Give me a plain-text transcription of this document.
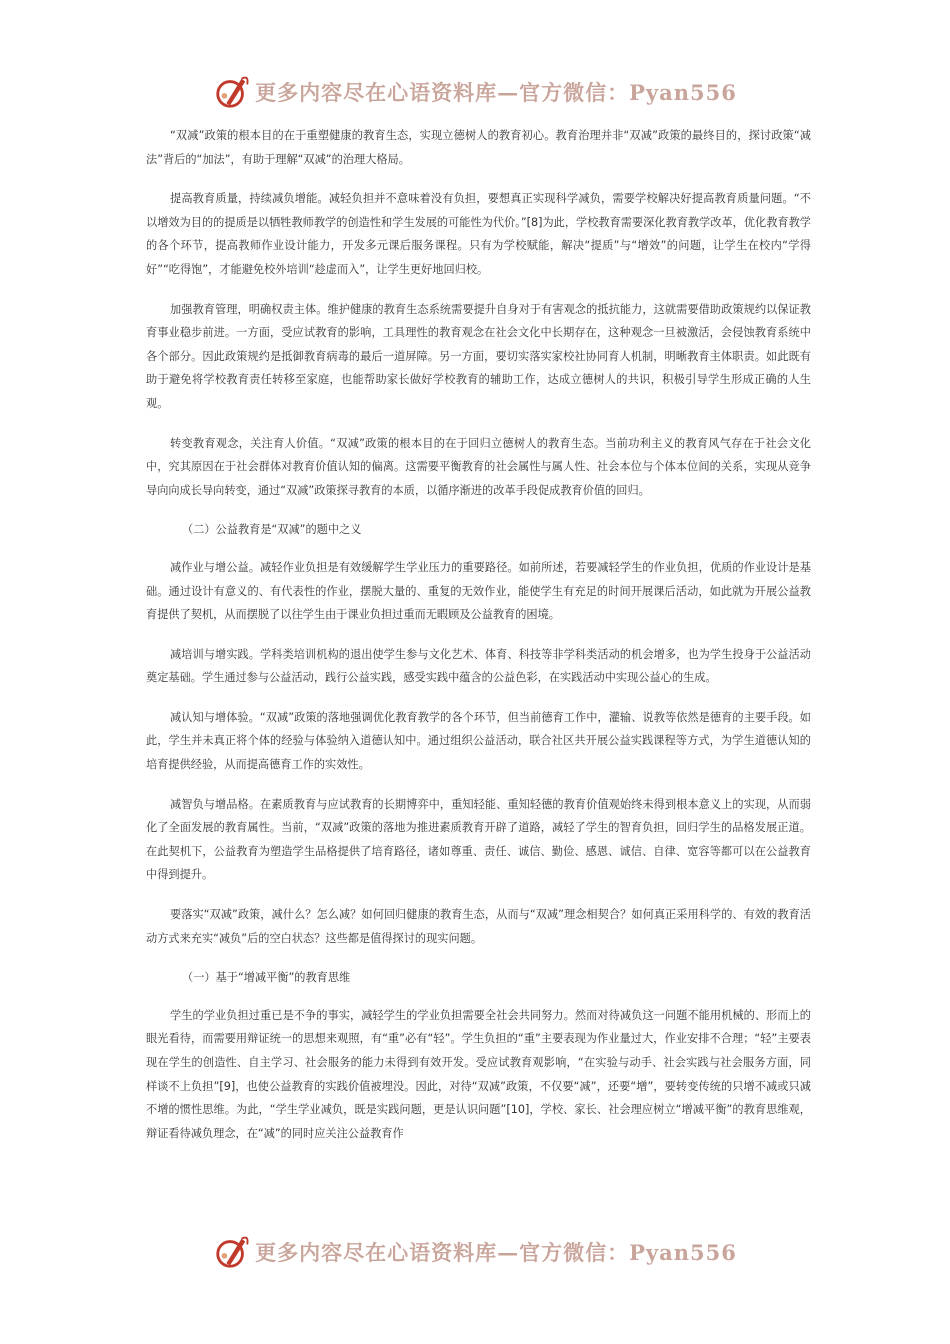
更多内容尽在心语资料库—官方微信：Pyan556

“双减”政策的根本目的在于重塑健康的教育生态，实现立德树人的教育初心。教育治理并非“双减”政策的最终目的，探讨政策“减法”背后的“加法”，有助于理解“双减”的治理大格局。

提高教育质量，持续减负增能。减轻负担并不意味着没有负担，要想真正实现科学减负，需要学校解决好提高教育质量问题。“不以增效为目的的提质是以牺牲教师教学的创造性和学生发展的可能性为代价。”[8]为此，学校教育需要深化教育教学改革，优化教育教学的各个环节，提高教师作业设计能力，开发多元课后服务课程。只有为学校赋能，解决“提质”与“增效”的问题，让学生在校内“学得好”“吃得饱”，才能避免校外培训“趁虚而入”，让学生更好地回归校。

加强教育管理，明确权责主体。维护健康的教育生态系统需要提升自身对于有害观念的抵抗能力，这就需要借助政策规约以保证教育事业稳步前进。一方面，受应试教育的影响，工具理性的教育观念在社会文化中长期存在，这种观念一旦被激活，会侵蚀教育系统中各个部分。因此政策规约是抵御教育病毒的最后一道屏障。另一方面，要切实落实家校社协同育人机制，明晰教育主体职责。如此既有助于避免将学校教育责任转移至家庭，也能帮助家长做好学校教育的辅助工作，达成立德树人的共识，积极引导学生形成正确的人生观。

转变教育观念，关注育人价值。“双减”政策的根本目的在于回归立德树人的教育生态。当前功利主义的教育风气存在于社会文化中，究其原因在于社会群体对教育价值认知的偏离。这需要平衡教育的社会属性与属人性、社会本位与个体本位间的关系，实现从竞争导向向成长导向转变，通过“双减”政策探寻教育的本质，以循序渐进的改革手段促成教育价值的回归。

（二）公益教育是“双减”的题中之义

减作业与增公益。减轻作业负担是有效缓解学生学业压力的重要路径。如前所述，若要减轻学生的作业负担，优质的作业设计是基础。通过设计有意义的、有代表性的作业，摆脱大量的、重复的无效作业，能使学生有充足的时间开展课后活动，如此就为开展公益教育提供了契机，从而摆脱了以往学生由于课业负担过重而无暇顾及公益教育的困境。

减培训与增实践。学科类培训机构的退出使学生参与文化艺术、体育、科技等非学科类活动的机会增多，也为学生投身于公益活动奠定基础。学生通过参与公益活动，践行公益实践，感受实践中蕴含的公益色彩，在实践活动中实现公益心的生成。

减认知与增体验。“双减”政策的落地强调优化教育教学的各个环节，但当前德育工作中，灌输、说教等依然是德育的主要手段。如此，学生并未真正将个体的经验与体验纳入道德认知中。通过组织公益活动，联合社区共开展公益实践课程等方式，为学生道德认知的培育提供经验，从而提高德育工作的实效性。

减智负与增品格。在素质教育与应试教育的长期博弈中，重知轻能、重知轻德的教育价值观始终未得到根本意义上的实现，从而弱化了全面发展的教育属性。当前，“双减”政策的落地为推进素质教育开辟了道路，减轻了学生的智育负担，回归学生的品格发展正道。在此契机下，公益教育为塑造学生品格提供了培育路径，诸如尊重、责任、诚信、勤俭、感恩、诚信、自律、宽容等都可以在公益教育中得到提升。

要落实“双减”政策，减什么？怎么减？如何回归健康的教育生态，从而与“双减”理念相契合？如何真正采用科学的、有效的教育活动方式来充实“减负”后的空白状态？这些都是值得探讨的现实问题。

（一）基于“增减平衡”的教育思维

学生的学业负担过重已是不争的事实，减轻学生的学业负担需要全社会共同努力。然而对待减负这一问题不能用机械的、形而上的眼光看待，而需要用辩证统一的思想来观照，有“重”必有“轻”。学生负担的“重”主要表现为作业量过大，作业安排不合理；“轻”主要表现在学生的创造性、自主学习、社会服务的能力未得到有效开发。受应试教育观影响，“在实验与动手、社会实践与社会服务方面，同样谈不上负担”[9]，也使公益教育的实践价值被埋没。因此，对待“双减”政策，不仅要“减”，还要“增”，要转变传统的只增不减或只减不增的惯性思维。为此，“学生学业减负，既是实践问题，更是认识问题”[10]，学校、家长、社会理应树立“增减平衡”的教育思维观，辩证看待减负理念，在“减”的同时应关注公益教育作

更多内容尽在心语资料库—官方微信：Pyan556
